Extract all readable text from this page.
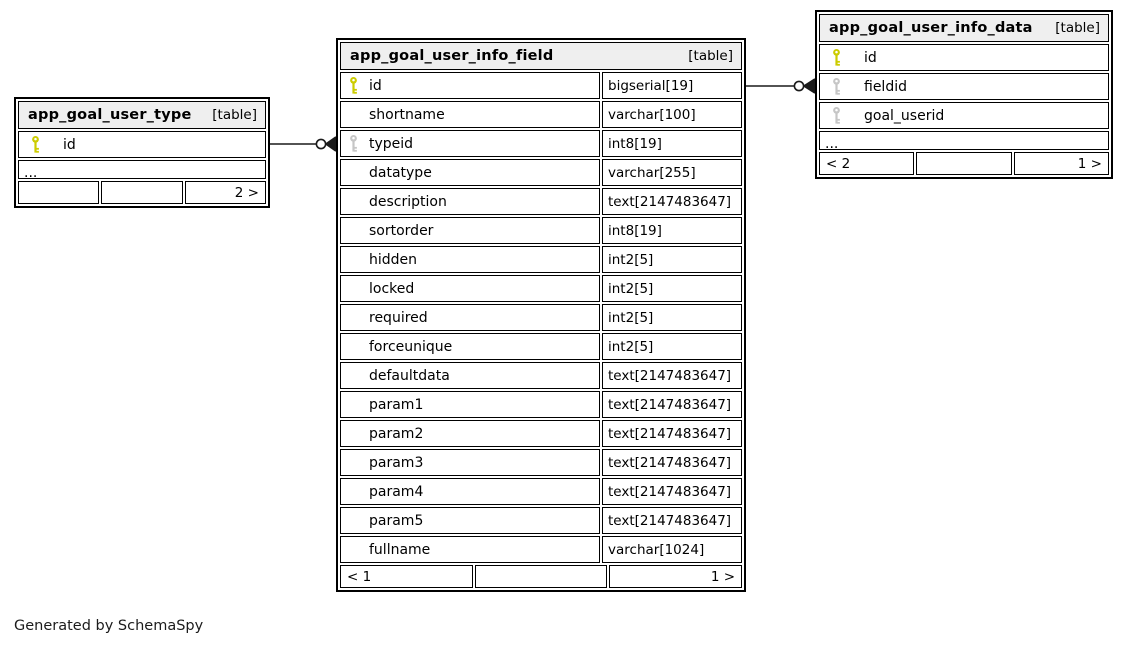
app_goal_user_type [table]
id
...
2 >
app_goal_user_info_field	[table]
id	bigserial[19]
shortname	varchar[100]
typeid	int8[19]
datatype	varchar[255]
description	text[2147483647]
sortorder	int8[19]
hidden	int2[5]
locked	int2[5]
required	int2[5]
forceunique	int2[5]
defaultdata	text[2147483647]
param1	text[2147483647]
param2	text[2147483647]
param3	text[2147483647]
param4	text[2147483647]
param5	text[2147483647]
fullname	varchar[1024]
< 1	1 >
app_goal_user_info_data [table]
id
fieldid
goal_userid
...
< 2	1 >
Generated by SchemaSpy
